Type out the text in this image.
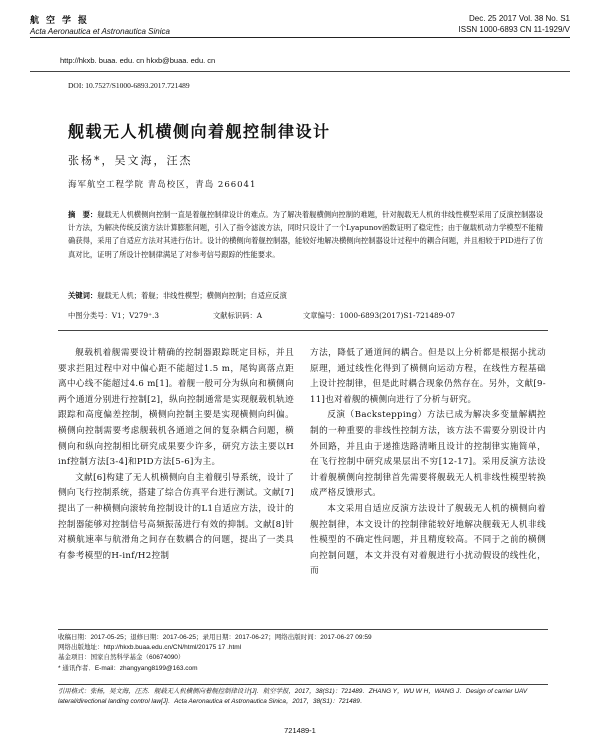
航空学报
Acta Aeronautica et Astronautica Sinica
Dec. 25 2017 Vol. 38 No. S1
ISSN 1000-6893 CN 11-1929/V
http://hkxb. buaa. edu. cn hkxb@buaa. edu. cn
DOI: 10.7527/S1000-6893.2017.721489
舰载无人机横侧向着舰控制律设计
张杨*，吴文海，汪杰
海军航空工程学院 青岛校区，青岛 266041
摘　要：舰载无人机横侧向控制一直是着舰控制律设计的难点。为了解决着舰横侧向控制的难题，针对舰载无人机的非线性模型采用了反演控制器设计方法，为解决传统反演方法计算膨胀问题，引入了指令滤波方法，同时只设计了一个Lyapunov函数证明了稳定性；由于舰载机动力学模型不能精确获得，采用了自适应方法对其进行估计。设计的横侧向着舰控制器，能较好地解决横侧向控制器设计过程中的耦合问题，并且相较于PID进行了仿真对比，证明了所设计控制律满足了对参考信号跟踪的性能要求。
关键词：舰载无人机；着舰；非线性模型；横侧向控制；自适应反演
中图分类号：V1；V279⁺.3	文献标识码：A	文章编号：1000-6893(2017)S1-721489-07

舰载机着舰需要设计精确的控制器跟踪既定目标，并且要求拦阻过程中对中偏心距不能超过1.5 m，尾钩离落点距离中心线不能超过4.6 m[1]。着舰一般可分为纵向和横侧向两个通道分别进行控制[2]，纵向控制通常是实现舰载机轨迹跟踪和高度偏差控制，横侧向控制主要是实现横侧向纠偏。横侧向控制需要考虑舰载机各通道之间的复杂耦合问题，横侧向和纵向控制相比研究成果要少许多，研究方法主要以H inf控制方法[3-4]和PID方法[5-6]为主。

文献[6]构建了无人机横侧向自主着舰引导系统，设计了侧向飞行控制系统，搭建了综合仿真平台进行测试。文献[7]提出了一种横侧向滚转角控制设计的L1自适应方法，设计的控制器能够对控制信号高频振荡进行有效的抑制。文献[8]针对横航速率与航滑角之间存在数耦合的问题，提出了一类具有参考模型的H-inf/H2控制

方法，降低了通道间的耦合。但是以上分析都是根据小扰动原理，通过线性化得到了横侧向运动方程，在线性方程基础上设计控制律，但是此时耦合现象仍然存在。另外，文献[9-11]也对着舰的横侧向进行了分析与研究。

反演（Backstepping）方法已成为解决多变量解耦控制的一种重要的非线性控制方法，该方法不需要分别设计内外回路，并且由于递推迭路清晰且设计的控制律实施简单，在飞行控制中研究成果层出不穷[12-17]。采用反演方法设计着舰横侧向控制律首先需要将舰载无人机非线性模型转换成严格反馈形式。

本文采用自适应反演方法设计了舰载无人机的横侧向着舰控制律，本文设计的控制律能较好地解决舰载无人机非线性模型的不确定性问题，并且精度较高。不同于之前的横侧向控制问题，本文并没有对着舰进行小扰动假设的线性化，而

收稿日期：2017-05-25；退修日期：2017-06-25；录用日期：2017-06-27；网络出版时间：2017-06-27 09:59
网络出版地址：http://hkxb.buaa.edu.cn/CN/html/20175 17 .html
基金项目：国家自然科学基金（60674090）
* 通讯作者．E-mail：zhangyang8199@163.com
引用格式：张杨，吴文海，汪杰．舰载无人机横侧向着舰控制律设计[J]．航空学报，2017，38(S1)：721489．ZHANG Y，WU W H，WANG J．Design of carrier UAV lateral/directional landing control law[J]．Acta Aeronautica et Astronautica Sinica，2017，38(S1)：721489．
721489-1
